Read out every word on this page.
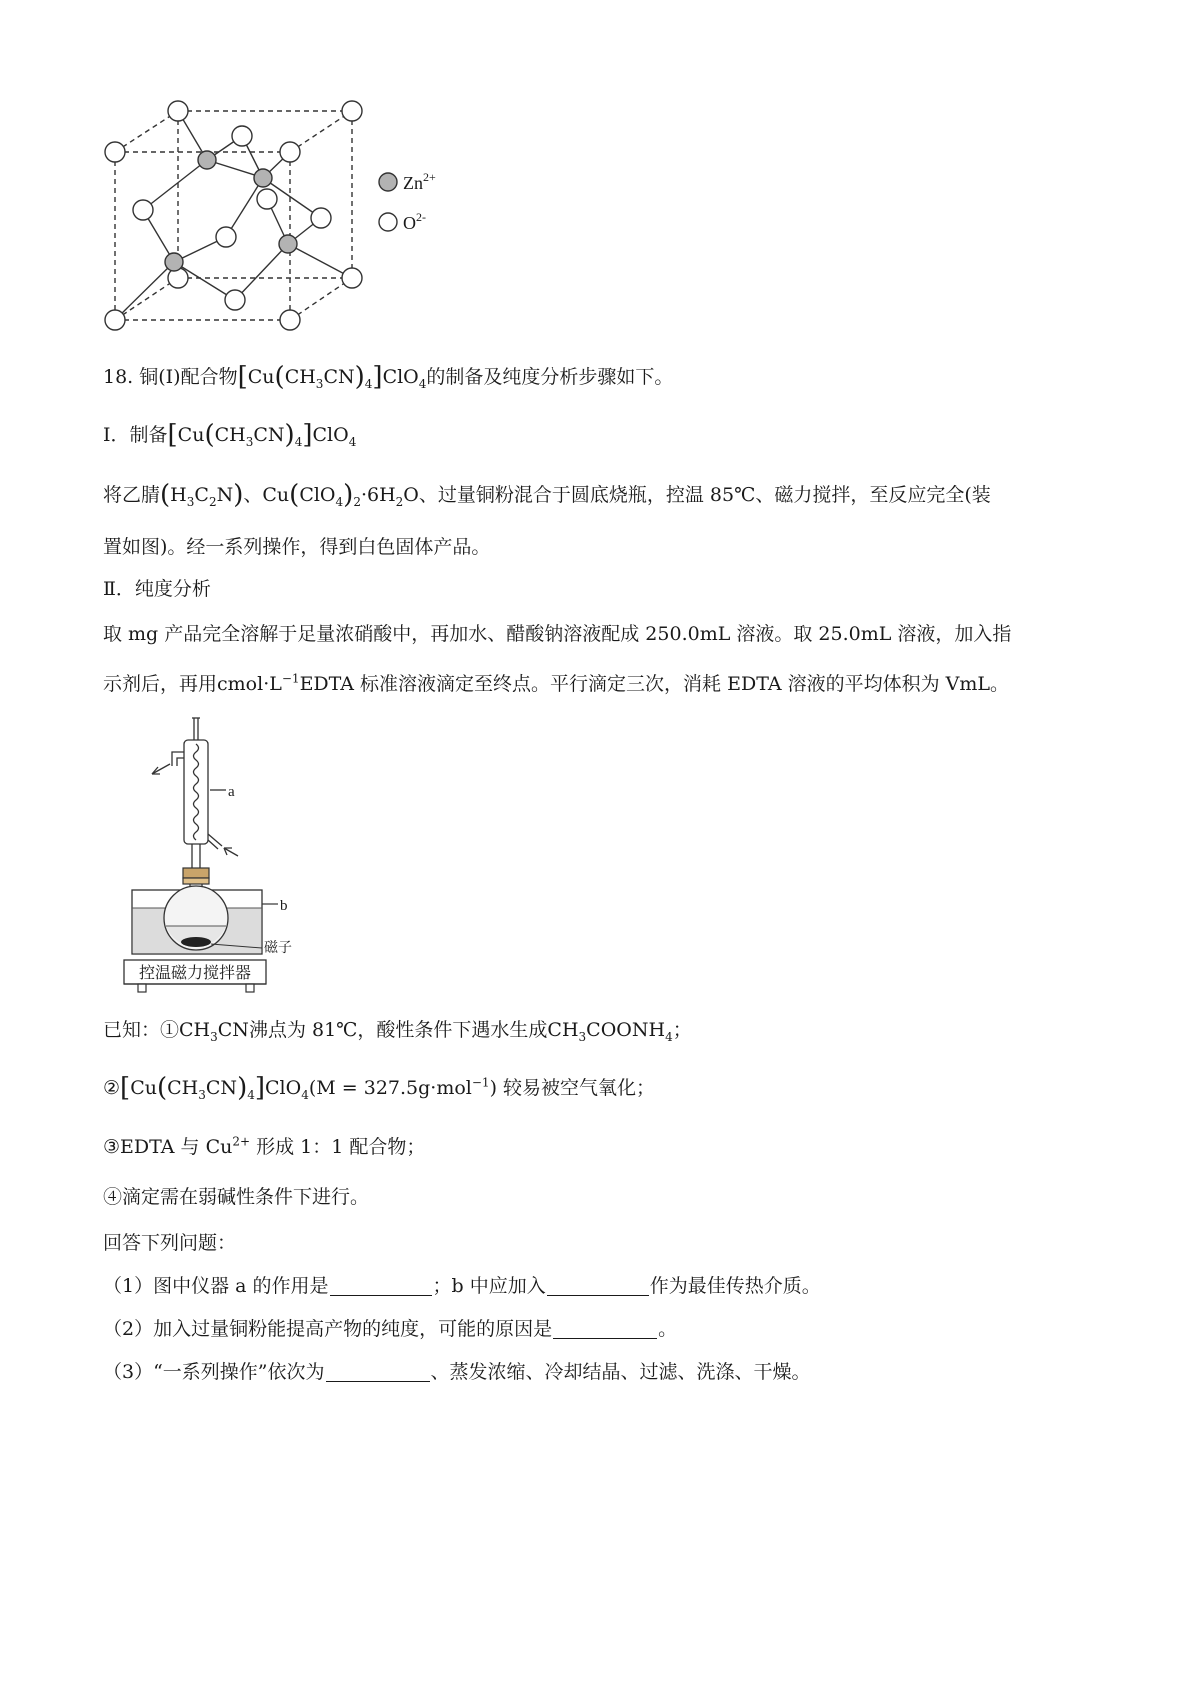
$Zn^{2+}$
$O^{2-}$
18. 铜(Ⅰ)配合物$[Cu(CH_3CN)_4]ClO_4$的制备及纯度分析步骤如下。
Ⅰ．制备$[Cu(CH_3CN)_4]ClO_4$
将乙腈$(H_3C_2N)$、$Cu(ClO_4)_2\cdot 6H_2O$、过量铜粉混合于圆底烧瓶，控温 85℃、磁力搅拌，至反应完全(装
置如图)。经一系列操作，得到白色固体产品。
Ⅱ．纯度分析
取 mg 产品完全溶解于足量浓硝酸中，再加水、醋酸钠溶液配成 250.0mL 溶液。取 25.0mL 溶液，加入指
示剂后，再用$cmol\cdot L^{-1}EDTA$ 标准溶液滴定至终点。平行滴定三次，消耗 EDTA 溶液的平均体积为 VmL。
a
b
磁子
控温磁力搅拌器
已知：$①CH_3CN$沸点为 81℃，酸性条件下遇水生成$CH_3COONH_4$；
$②[Cu(CH_3CN)_4]ClO_4(M = 327.5g\cdot mol^{-1})$ 较易被空气氧化；
③EDTA 与 $Cu^{2+}$ 形成 1：1 配合物；
④滴定需在弱碱性条件下进行。
回答下列问题：
（1）图中仪器 a 的作用是	；b 中应加入	作为最佳传热介质。
（2）加入过量铜粉能提高产物的纯度，可能的原因是	。
（3）“一系列操作”依次为	、蒸发浓缩、冷却结晶、过滤、洗涤、干燥。
